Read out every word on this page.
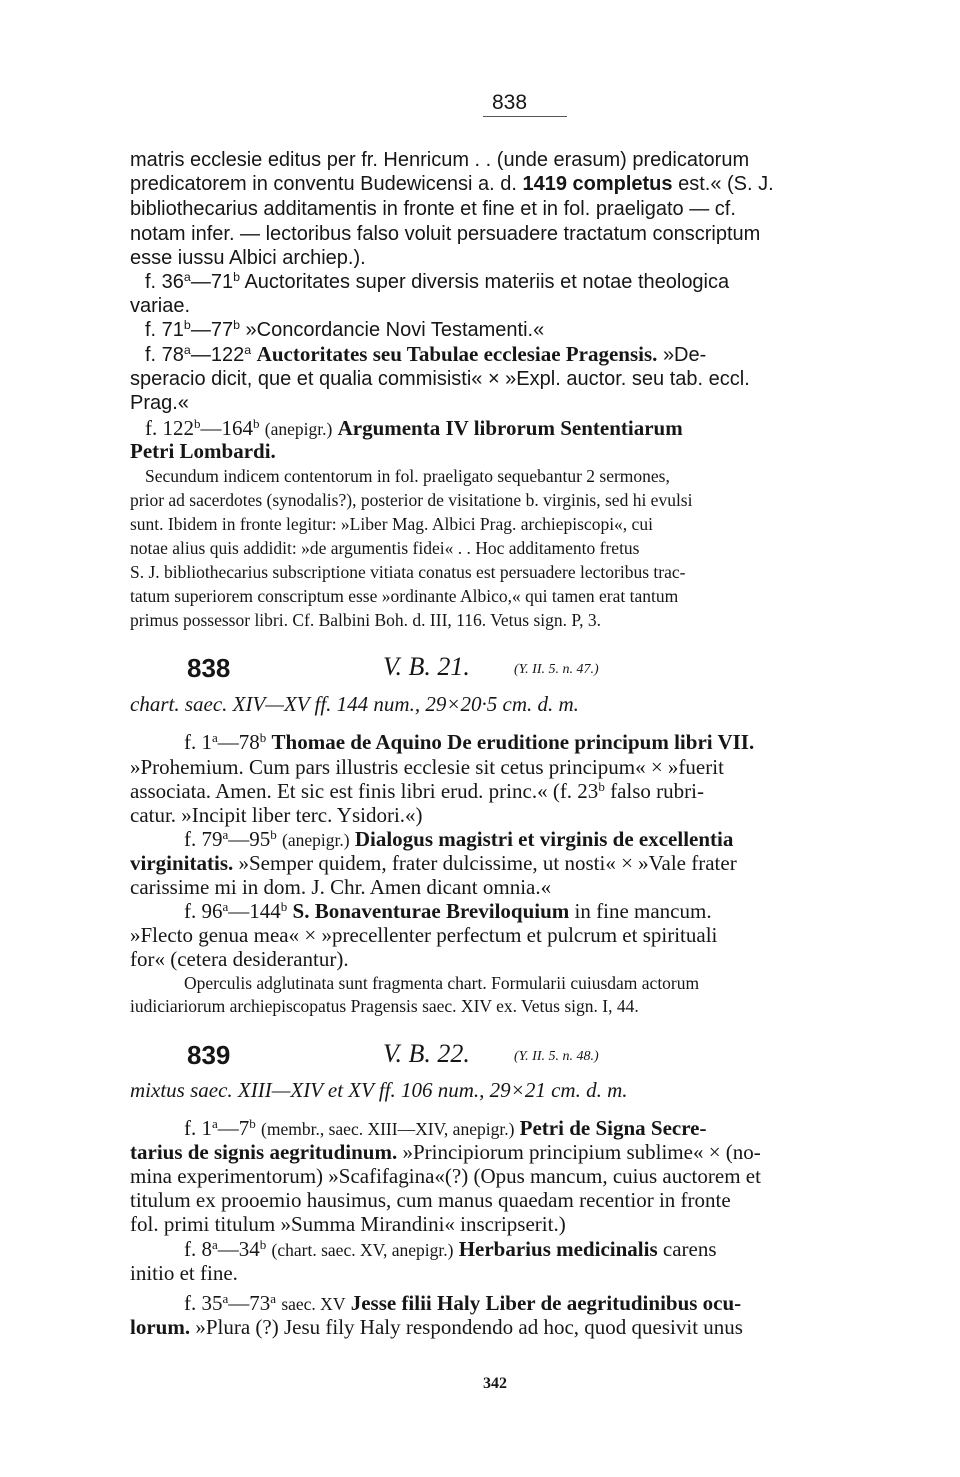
838
matris ecclesie editus per fr. Henricum . . (unde erasum) predicatorum
predicatorem in conventu Budewicensi a. d. 1419 completus est.« (S. J.
bibliothecarius additamentis in fronte et fine et in fol. praeligato — cf.
notam infer. — lectoribus falso voluit persuadere tractatum conscriptum
esse iussu Albici archiep.).
f. 36$^a$—71$^b$ Auctoritates super diversis materiis et notae theologica
variae.
f. 71$^b$—77$^b$ »Concordancie Novi Testamenti.«
f. 78$^a$—122$^a$ Auctoritates seu Tabulae ecclesiae Pragensis. »De-
speracio dicit, que et qualia commisisti« × »Expl. auctor. seu tab. eccl.
Prag.«
f. 122$^b$—164$^b$ (anepigr.) Argumenta IV librorum Sententiarum
Petri Lombardi.
Secundum indicem contentorum in fol. praeligato sequebantur 2 sermones,
prior ad sacerdotes (synodalis?), posterior de visitatione b. virginis, sed hi evulsi
sunt. Ibidem in fronte legitur: »Liber Mag. Albici Prag. archiepiscopi«, cui
notae alius quis addidit: »de argumentis fidei« . . Hoc additamento fretus
S. J. bibliothecarius subscriptione vitiata conatus est persuadere lectoribus trac-
tatum superiorem conscriptum esse »ordinante Albico,« qui tamen erat tantum
primus possessor libri. Cf. Balbini Boh. d. III, 116. Vetus sign. P, 3.
838	V. B. 21.	(Y. II. 5. n. 47.)
chart. saec. XIV—XV ff. 144 num., 29×20·5 cm. d. m.
f. 1$^a$—78$^b$ Thomae de Aquino De eruditione principum libri VII.
»Prohemium. Cum pars illustris ecclesie sit cetus principum« × »fuerit
associata. Amen. Et sic est finis libri erud. princ.« (f. 23$^b$ falso rubri-
catur. »Incipit liber terc. Ysidori.«)
f. 79$^a$—95$^b$ (anepigr.) Dialogus magistri et virginis de excellentia
virginitatis. »Semper quidem, frater dulcissime, ut nosti« × »Vale frater
carissime mi in dom. J. Chr. Amen dicant omnia.«
f. 96$^a$—144$^b$ S. Bonaventurae Breviloquium in fine mancum.
»Flecto genua mea« × »precellenter perfectum et pulcrum et spirituali
for« (cetera desiderantur).
Operculis adglutinata sunt fragmenta chart. Formularii cuiusdam actorum
iudiciariorum archiepiscopatus Pragensis saec. XIV ex. Vetus sign. I, 44.
839	V. B. 22.	(Y. II. 5. n. 48.)
mixtus saec. XIII—XIV et XV ff. 106 num., 29×21 cm. d. m.
f. 1$^a$—7$^b$ (membr., saec. XIII—XIV, anepigr.) Petri de Signa Secre-
tarius de signis aegritudinum. »Principiorum principium sublime« × (no-
mina experimentorum) »Scafifagina«(?) (Opus mancum, cuius auctorem et
titulum ex prooemio hausimus, cum manus quaedam recentior in fronte
fol. primi titulum »Summa Mirandini« inscripserit.)
f. 8$^a$—34$^b$ (chart. saec. XV, anepigr.) Herbarius medicinalis carens
initio et fine.
f. 35$^a$—73$^a$ saec. XV Jesse filii Haly Liber de aegritudinibus ocu-
lorum. »Plura (?) Jesu fily Haly respondendo ad hoc, quod quesivit unus
342
